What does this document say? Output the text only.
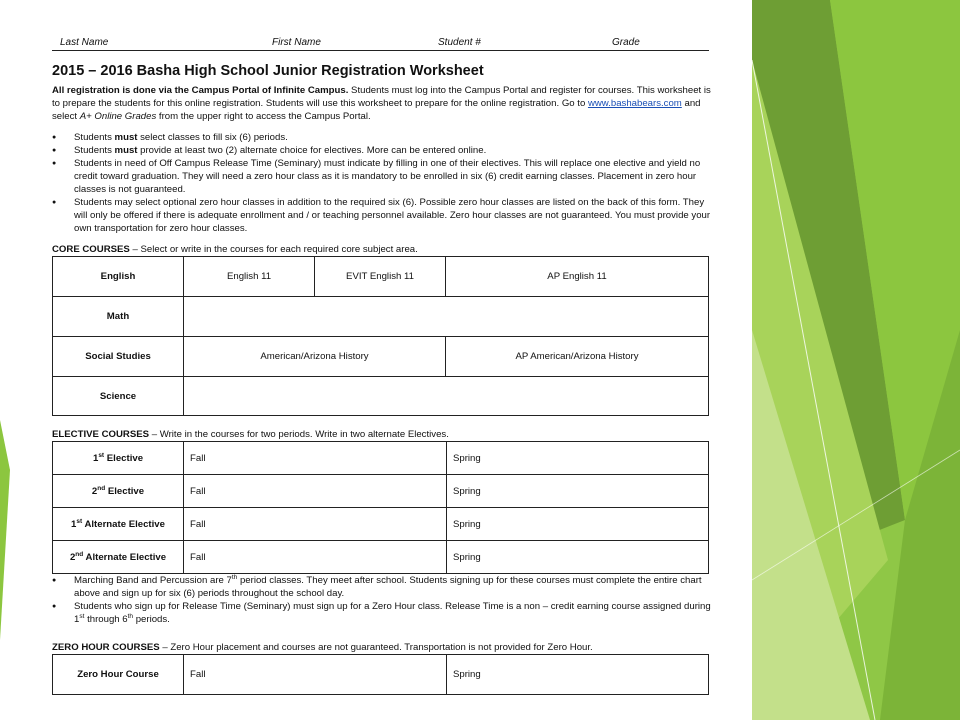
Last Name	First Name	Student #	Grade
2015 – 2016 Basha High School Junior Registration Worksheet
All registration is done via the Campus Portal of Infinite Campus. Students must log into the Campus Portal and register for courses. This worksheet is to prepare the students for this online registration. Students will use this worksheet to prepare for the online registration. Go to www.bashabears.com and select A+ Online Grades from the upper right to access the Campus Portal.
● Students must select classes to fill six (6) periods.
● Students must provide at least two (2) alternate choice for electives. More can be entered online.
● Students in need of Off Campus Release Time (Seminary) must indicate by filling in one of their electives. This will replace one elective and yield no credit toward graduation. They will need a zero hour class as it is mandatory to be enrolled in six (6) credit earning classes. Placement in zero hour classes is not guaranteed.
● Students may select optional zero hour classes in addition to the required six (6). Possible zero hour classes are listed on the back of this form. They will only be offered if there is adequate enrollment and / or teaching personnel available. Zero hour classes are not guaranteed. You must provide your own transportation for zero hour classes.
CORE COURSES – Select or write in the courses for each required core subject area.
English	English 11	EVIT English 11	AP English 11
Math			
Social Studies	American/Arizona History		AP American/Arizona History
Science			
ELECTIVE COURSES – Write in the courses for two periods. Write in two alternate Electives.
1st Elective	Fall	Spring
2nd Elective	Fall	Spring
1st Alternate Elective	Fall	Spring
2nd Alternate Elective	Fall	Spring
● Marching Band and Percussion are 7th period classes. They meet after school. Students signing up for these courses must complete the entire chart above and sign up for six (6) periods throughout the school day.
● Students who sign up for Release Time (Seminary) must sign up for a Zero Hour class. Release Time is a non – credit earning course assigned during 1st through 6th periods.
ZERO HOUR COURSES – Zero Hour placement and courses are not guaranteed. Transportation is not provided for Zero Hour.
Zero Hour Course	Fall	Spring
